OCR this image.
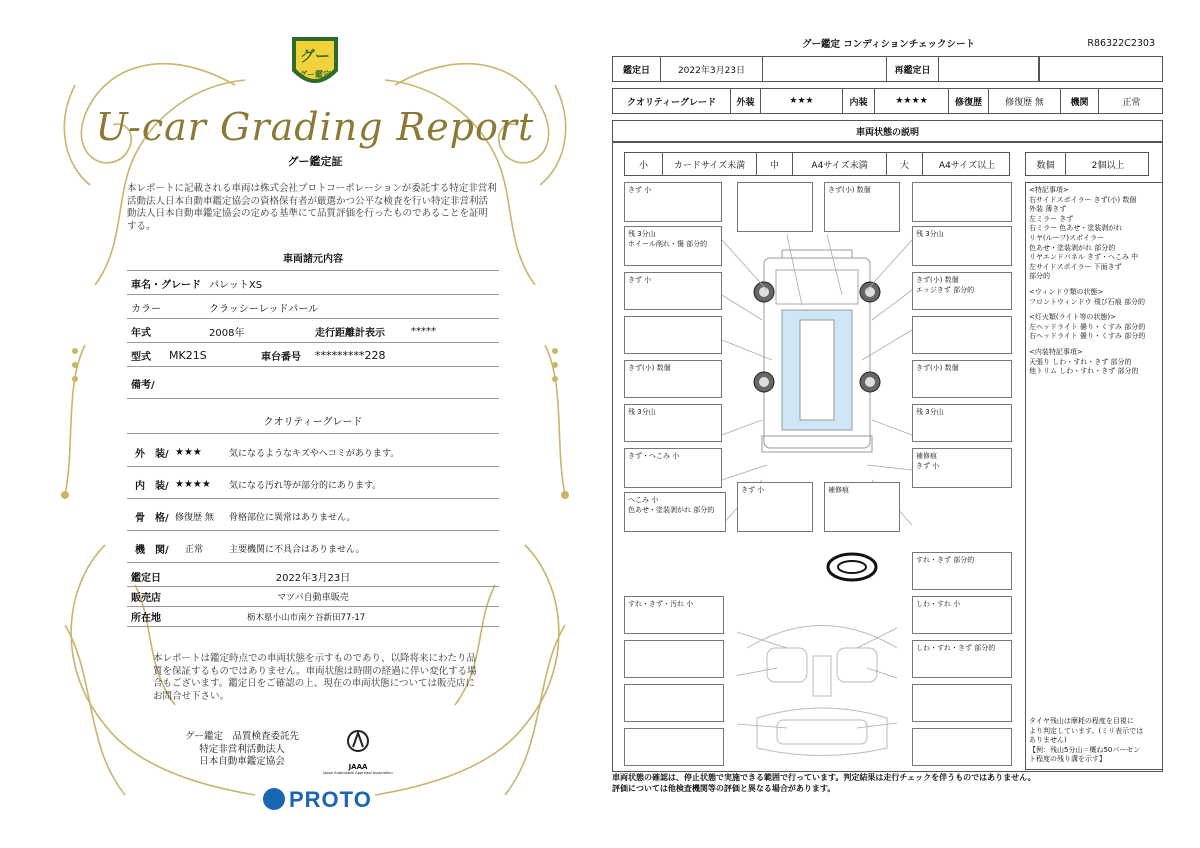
グー
グー鑑定
U-car Grading Report
グー鑑定証
本レポートに記載される車両は株式会社プロトコーポレーションが委託する特定非営利活動法人日本自動車鑑定協会の資格保有者が厳選かつ公平な検査を行い特定非営利活動法人日本自動車鑑定協会の定める基準にて品質評価を行ったものであることを証明する。
車両諸元内容
車名・グレード パレットXS
カラー	クラッシーレッドパール
年式	2008年	走行距離計表示	*****
型式	MK21S	車台番号	*********228
備考/
クオリティーグレード
外　装/ ★★★	気になるようなキズやヘコミがあります。
内　装/ ★★★★	気になる汚れ等が部分的にあります。
骨　格/ 修復歴 無	骨格部位に異常はありません。
機　関/	正常	主要機関に不具合はありません。
鑑定日	2022年3月23日
販売店	マツバ自動車販売
所在地	栃木県小山市南ケ谷新田77-17
本レポートは鑑定時点での車両状態を示すものであり、以降将来にわたり品質を保証するものではありません。車両状態は時間の経過に伴い変化する場合もございます。鑑定日をご確認の上、現在の車両状態については販売店にお問合せ下さい。
グー鑑定　品質検査委託先
特定非営利活動法人
日本自動車鑑定協会	JAAA
Japan Automobile Appraisal Association
PROTO
グー鑑定 コンディションチェックシート	R86322C2303
鑑定日	2022年3月23日	再鑑定日
クオリティーグレード	外装	★★★	内装	★★★★	修復歴	修復歴 無	機関	正常
車両状態の説明
小	カードサイズ未満	中	A4サイズ未満	大	A4サイズ以上	数個	2個以上
きず 小	きず(小) 数個
残 3分山
ホイール削れ・傷 部分的
残 3分山
きず 小	きず(小) 数個
エッジきず 部分的
きず(小) 数個	きず(小) 数個
残 3分山	残 3分山
きず・へこみ 小	補修痕
きず 小
へこみ 小
色あせ・塗装剥がれ 部分的
きず 小	補修痕
すれ・きず 部分的
すれ・きず・汚れ 小	しわ・すれ 小
しわ・すれ・きず 部分的
<特記事項>
右サイドスポイラー きず(小) 数個
外装 薄きず
左ミラー きず
右ミラー 色あせ・塗装剥がれ
リヤ(ルーフ)スポイラー
色あせ・塗装剥がれ 部分的
リヤエンドパネル きず・へこみ 中
左サイドスポイラー 下面きず
部分的
<ウィンドウ類の状態>
フロントウィンドウ 飛び石痕 部分的
<灯火類(ライト等の状態)>
左ヘッドライト 曇り・くすみ 部分的
右ヘッドライト 曇り・くすみ 部分的
<内装特記事項>
天張り しわ・すれ・きず 部分的
他トリム しわ・すれ・きず 部分的
タイヤ残山は摩耗の程度を目視に
より判定しています。(ミリ表示では
ありません)
【例：残山5分山＝概ね50パーセン
ト程度の残り溝を示す】
車両状態の確認は、停止状態で実施できる範囲で行っています。判定結果は走行チェックを伴うものではありません。
評価については他検査機関等の評価と異なる場合があります。
